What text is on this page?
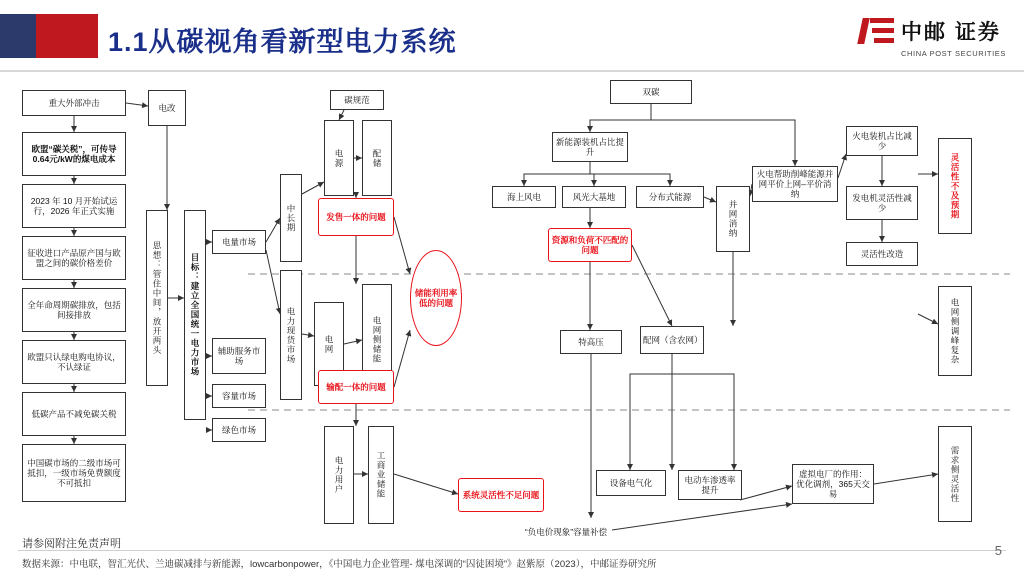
1.1从碳视角看新型电力系统	中邮 证券
CHINA POST SECURITIES
重大外部冲击
欧盟“碳关税”，可传导0.64元/kW的煤电成本
2023 年 10 月开始试运行，2026 年正式实施
征收进口产品原产国与欧盟之间的碳价格差价
全年命周期碳排放，包括间接排放
欧盟只认绿电购电协议，不认绿证
低碳产品不减免碳关税
中国碳市场的二级市场可抵扣，一级市场免费额度不可抵扣
电改
思想：管住中间，放开两头	目标：建立全国统一电力市场
中长期
电力现货市场
电量市场
辅助服务市场
容量市场
绿色市场
碳规范
电源	配储
电网	电网侧储能
电力用户	工商业储能
发售一体的问题
输配一体的问题
系统灵活性不足问题
储能利用率低的问题
双碳
新能源装机占比提升
海上风电	风光大基地	分布式能源
资源和负荷不匹配的问题
特高压	配网（含农网）
设备电气化	电动车渗透率提升
虚拟电厂的作用：优化调剂，365天交易
“负电价现象”容量补偿
并网消纳
火电帮助削峰能源并网平价上网–平价消纳
火电装机占比减少
发电机灵活性减少
灵活性改造
灵活性不及预期
电网侧调峰复杂
需求侧灵活性
请参阅附注免责声明
数据来源：中电联，智汇光伏、兰迪碳减排与新能源，lowcarbonpower，《中国电力企业管理- 煤电深调的“囚徒困境”》赵紫原（2023），中邮证券研究所
5
